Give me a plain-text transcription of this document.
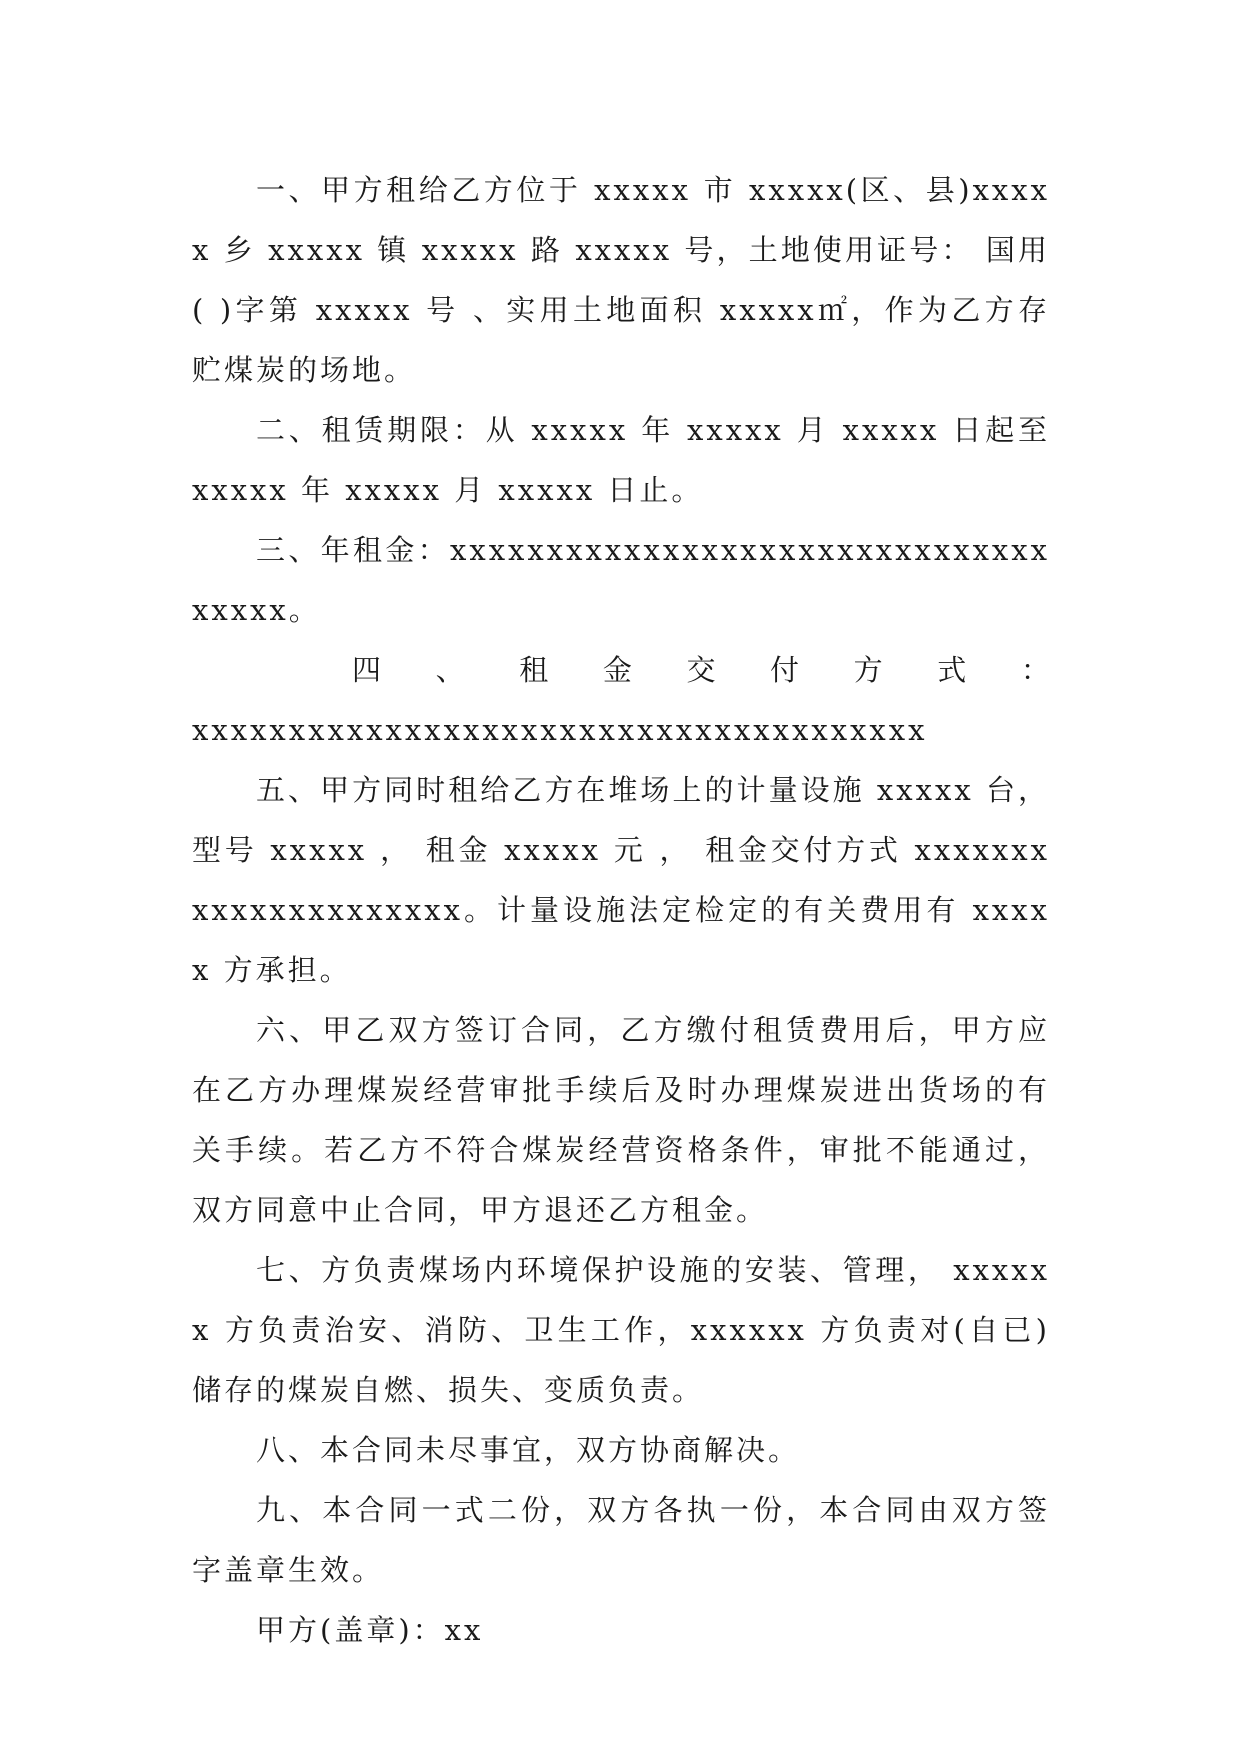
一、甲方租给乙方位于 xxxxx 市 xxxxx(区、县)xxxxx 乡 xxxxx 镇 xxxxx 路 xxxxx 号，土地使用证号： 国用( )字第 xxxxx 号 、实用土地面积 xxxxx㎡，作为乙方存贮煤炭的场地。

二、租赁期限：从 xxxxx 年 xxxxx 月 xxxxx 日起至 xxxxx 年 xxxxx 月 xxxxx 日止。

三、年租金：xxxxxxxxxxxxxxxxxxxxxxxxxxxxxxxxxxxx。

四 、 租 金 交 付 方 式 ：

xxxxxxxxxxxxxxxxxxxxxxxxxxxxxxxxxxxxxx

五、甲方同时租给乙方在堆场上的计量设施 xxxxx 台，型号 xxxxx ， 租金 xxxxx 元 ， 租金交付方式 xxxxxxxxxxxxxxxxxxxxx。计量设施法定检定的有关费用有 xxxxx 方承担。

六、甲乙双方签订合同，乙方缴付租赁费用后，甲方应在乙方办理煤炭经营审批手续后及时办理煤炭进出货场的有关手续。若乙方不符合煤炭经营资格条件，审批不能通过，双方同意中止合同，甲方退还乙方租金。

七、方负责煤场内环境保护设施的安装、管理， xxxxxx 方负责治安、消防、卫生工作，xxxxxx 方负责对(自已)储存的煤炭自燃、损失、变质负责。

八、本合同未尽事宜，双方协商解决。

九、本合同一式二份，双方各执一份，本合同由双方签字盖章生效。

甲方(盖章)：xx
